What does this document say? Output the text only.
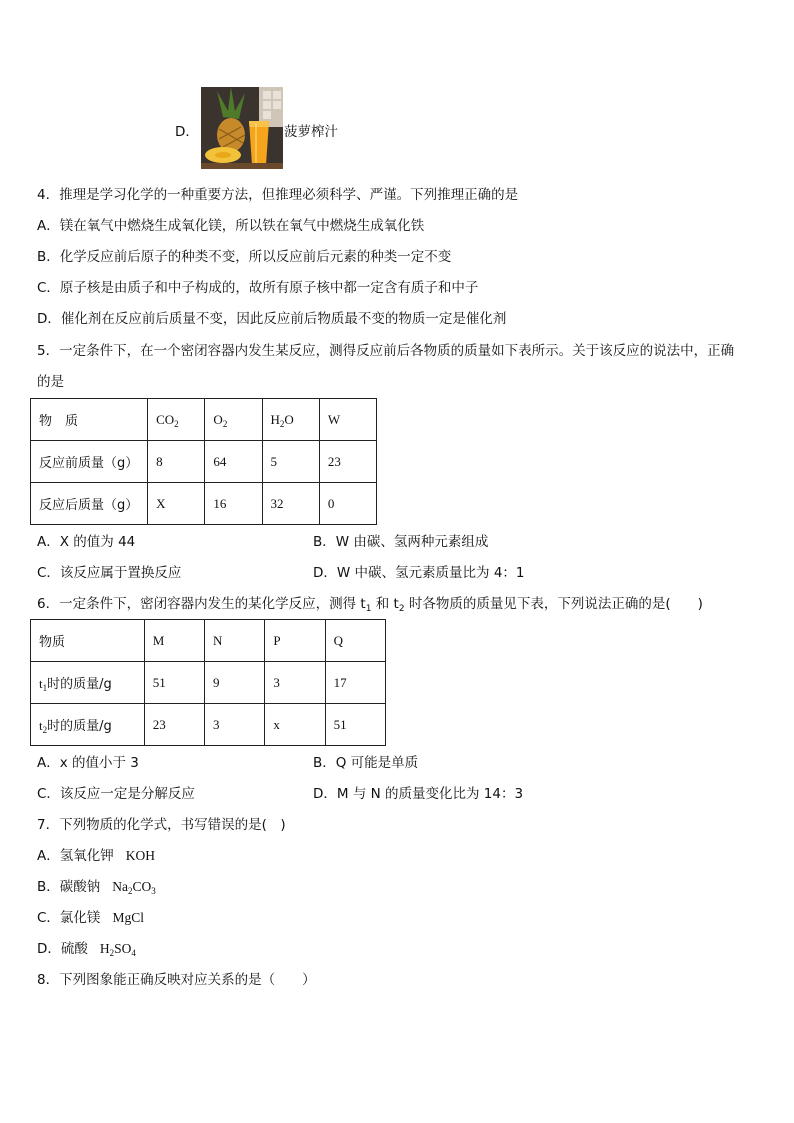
D．	菠萝榨汁
4．推理是学习化学的一种重要方法，但推理必须科学、严谨。下列推理正确的是
A．镁在氧气中燃烧生成氧化镁，所以铁在氧气中燃烧生成氧化铁
B．化学反应前后原子的种类不变，所以反应前后元素的种类一定不变
C．原子核是由质子和中子构成的，故所有原子核中都一定含有质子和中子
D．催化剂在反应前后质量不变，因此反应前后物质最不变的物质一定是催化剂
5．一定条件下，在一个密闭容器内发生某反应，测得反应前后各物质的质量如下表所示。关于该反应的说法中，正确
的是
物　质	$CO_2$	$O_2$	$H_2O$	W
反应前质量（g）	8	64	5	23
反应后质量（g）	X	16	32	0
A．X 的值为 44	B．W 由碳、氢两种元素组成
C．该反应属于置换反应	D．W 中碳、氢元素质量比为 4：1
6．一定条件下，密闭容器内发生的某化学反应，测得 $t_1$ 和 $t_2$ 时各物质的质量见下表，下列说法正确的是(　　)
物质	M	N	P	Q
$t_1$时的质量/g	51	9	3	17
$t_2$时的质量/g	23	3	x	51
A．x 的值小于 3	B．Q 可能是单质
C．该反应一定是分解反应	D．M 与 N 的质量变化比为 14：3
7．下列物质的化学式，书写错误的是(　)
A．氢氧化钾 KOH
B．碳酸钠 $Na_2CO_3$
C．氯化镁 MgCl
D．硫酸 $H_2SO_4$
8．下列图象能正确反映对应关系的是（　　）
